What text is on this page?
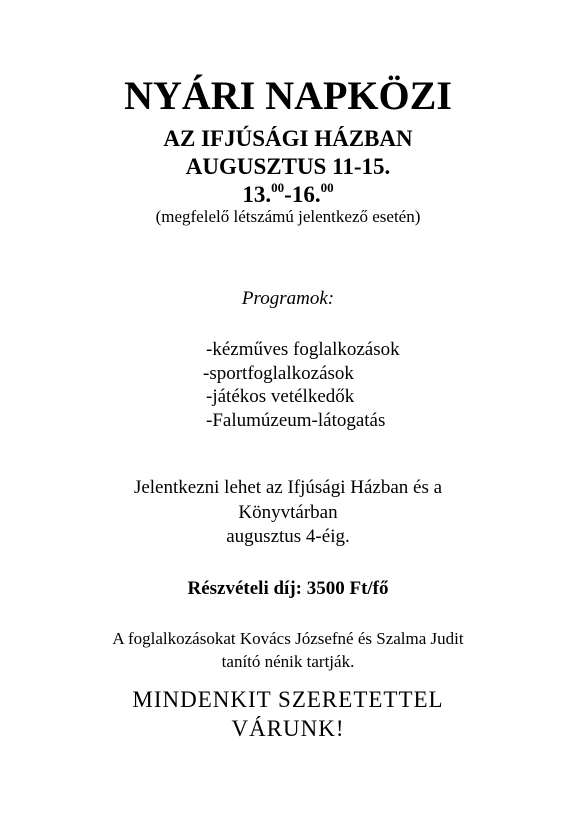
NYÁRI NAPKÖZI
AZ IFJÚSÁGI HÁZBAN
AUGUSZTUS 11-15.
13.00-16.00
(megfelelő létszámú jelentkező esetén)
Programok:
-kézműves foglalkozások
-sportfoglalkozások
-játékos vetélkedők
-Falumúzeum-látogatás
Jelentkezni lehet az Ifjúsági Házban és a
Könyvtárban
augusztus 4-éig.
Részvételi díj: 3500 Ft/fő
A foglalkozásokat Kovács Józsefné és Szalma Judit
tanító nénik tartják.
MINDENKIT SZERETETTEL
VÁRUNK!
